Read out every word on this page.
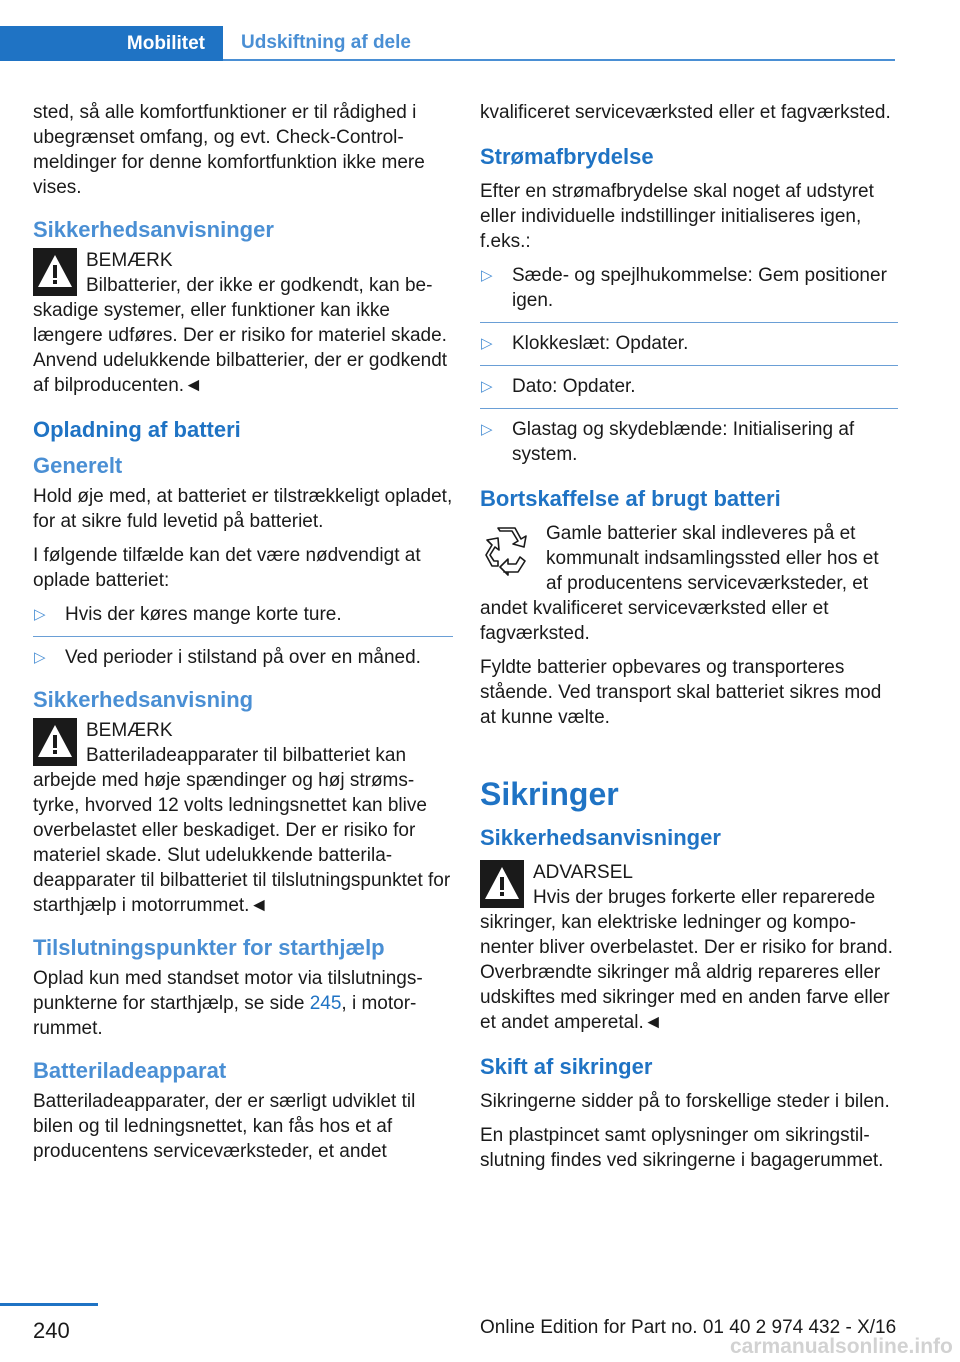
Mobilitet	Udskiftning af dele

sted, så alle komfortfunktioner er til rådighed i ubegrænset omfang, og evt. Check-Control-meldinger for denne komfortfunktion ikke mere vises.

Sikkerhedsanvisninger
BEMÆRK
Bilbatterier, der ikke er godkendt, kan beskadige systemer, eller funktioner kan ikke længere udføres. Der er risiko for materiel skade. Anvend udelukkende bilbatterier, der er godkendt af bilproducenten.◄
Opladning af batteri
Generelt

Hold øje med, at batteriet er tilstrækkeligt opladet, for at sikre fuld levetid på batteriet.

I følgende tilfælde kan det være nødvendigt at oplade batteriet:

▷ Hvis der køres mange korte ture.
▷ Ved perioder i stilstand på over en måned.
Sikkerhedsanvisning
BEMÆRK
Batteriladeapparater til bilbatteriet kan arbejde med høje spændinger og høj strømstyrke, hvorved 12 volts ledningsnettet kan blive overbelastet eller beskadiget. Der er risiko for materiel skade. Slut udelukkende batteriladeapparater til bilbatteriet til tilslutningspunktet for starthjælp i motorrummet.◄
Tilslutningspunkter for starthjælp

Oplad kun med standset motor via tilslutningspunkterne for starthjælp, se side 245, i motorrummet.

Batteriladeapparat

Batteriladeapparater, der er særligt udviklet til bilen og til ledningsnettet, kan fås hos et af producentens serviceværksteder, et andet

kvalificeret serviceværksted eller et fagværksted.

Strømafbrydelse

Efter en strømafbrydelse skal noget af udstyret eller individuelle indstillinger initialiseres igen, f.eks.:

▷ Sæde- og spejlhukommelse: Gem positioner igen.
▷ Klokkeslæt: Opdater.
▷ Dato: Opdater.
▷ Glastag og skydeblænde: Initialisering af system.
Bortskaffelse af brugt batteri

Gamle batterier skal indleveres på et kommunalt indsamlingssted eller hos et af producentens serviceværksteder, et andet kvalificeret serviceværksted eller et fagværksted.

Fyldte batterier opbevares og transporteres stående. Ved transport skal batteriet sikres mod at kunne vælte.

Sikringer
Sikkerhedsanvisninger
ADVARSEL
Hvis der bruges forkerte eller reparerede sikringer, kan elektriske ledninger og komponenter bliver overbelastet. Der er risiko for brand. Overbrændte sikringer må aldrig repareres eller udskiftes med sikringer med en anden farve eller et andet amperetal.◄
Skift af sikringer

Sikringerne sidder på to forskellige steder i bilen.

En plastpincet samt oplysninger om sikringstilslutning findes ved sikringerne i bagagerummet.

240	Online Edition for Part no. 01 40 2 974 432 - X/16
carmanualsonline.info
